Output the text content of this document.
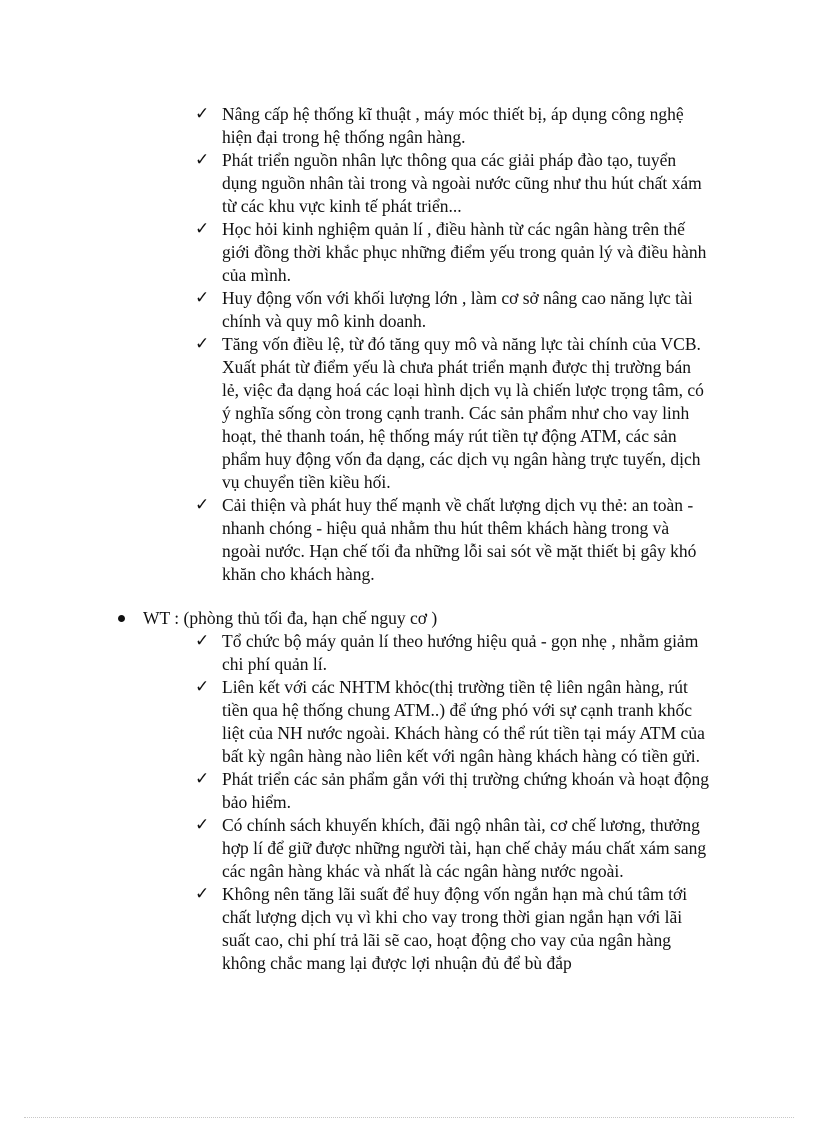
✓ Nâng cấp hệ thống kĩ thuật , máy móc thiết bị, áp dụng công nghệ hiện đại trong hệ thống ngân hàng.
✓ Phát triển nguồn nhân lực thông qua các giải pháp đào tạo, tuyển dụng nguồn nhân tài trong và ngoài nước cũng như thu hút chất xám từ các khu vực kinh tế phát triển...
✓ Học hỏi kinh nghiệm quản lí , điều hành từ các ngân hàng trên thế giới đồng thời khắc phục những điểm yếu trong quản lý và điều hành của mình.
✓ Huy động vốn với khối lượng lớn , làm cơ sở nâng cao năng lực tài chính và quy mô kinh doanh.
✓ Tăng vốn điều lệ, từ đó tăng quy mô và năng lực tài chính của VCB. Xuất phát từ điểm yếu là chưa phát triển mạnh được thị trường bán lẻ, việc đa dạng hoá các loại hình dịch vụ là chiến lược trọng tâm, có ý nghĩa sống còn trong cạnh tranh. Các sản phẩm như cho vay linh hoạt, thẻ thanh toán, hệ thống máy rút tiền tự động ATM, các sản phẩm huy động vốn đa dạng, các dịch vụ ngân hàng trực tuyến, dịch vụ chuyển tiền kiều hối.
✓ Cải thiện và phát huy thế mạnh về chất lượng dịch vụ thẻ: an toàn - nhanh chóng - hiệu quả nhằm thu hút thêm khách hàng trong và ngoài nước. Hạn chế tối đa những lỗi sai sót về mặt thiết bị gây khó khăn cho khách hàng.
WT : (phòng thủ tối đa, hạn chế nguy cơ )
✓ Tổ chức bộ máy quản lí theo hướng hiệu quả - gọn nhẹ , nhằm giảm chi phí quản lí.
✓ Liên kết với các NHTM khỏc(thị trường tiền tệ liên ngân hàng, rút tiền qua hệ thống chung ATM..) để ứng phó với sự cạnh tranh khốc liệt của NH nước ngoài. Khách hàng có thể rút tiền tại máy ATM của bất kỳ ngân hàng nào liên kết với ngân hàng khách hàng có tiền gửi.
✓ Phát triển các sản phẩm gắn với thị trường chứng khoán và hoạt động bảo hiểm.
✓ Có chính sách khuyến khích, đãi ngộ nhân tài, cơ chế lương, thưởng hợp lí để giữ được những người tài, hạn chế chảy máu chất xám sang các ngân hàng khác và nhất là các ngân hàng nước ngoài.
✓ Không nên tăng lãi suất để huy động vốn ngắn hạn mà chú tâm tới chất lượng dịch vụ vì khi cho vay trong thời gian ngắn hạn với lãi suất cao, chi phí trả lãi sẽ cao, hoạt động cho vay của ngân hàng không chắc mang lại được lợi nhuận đủ để bù đắp
